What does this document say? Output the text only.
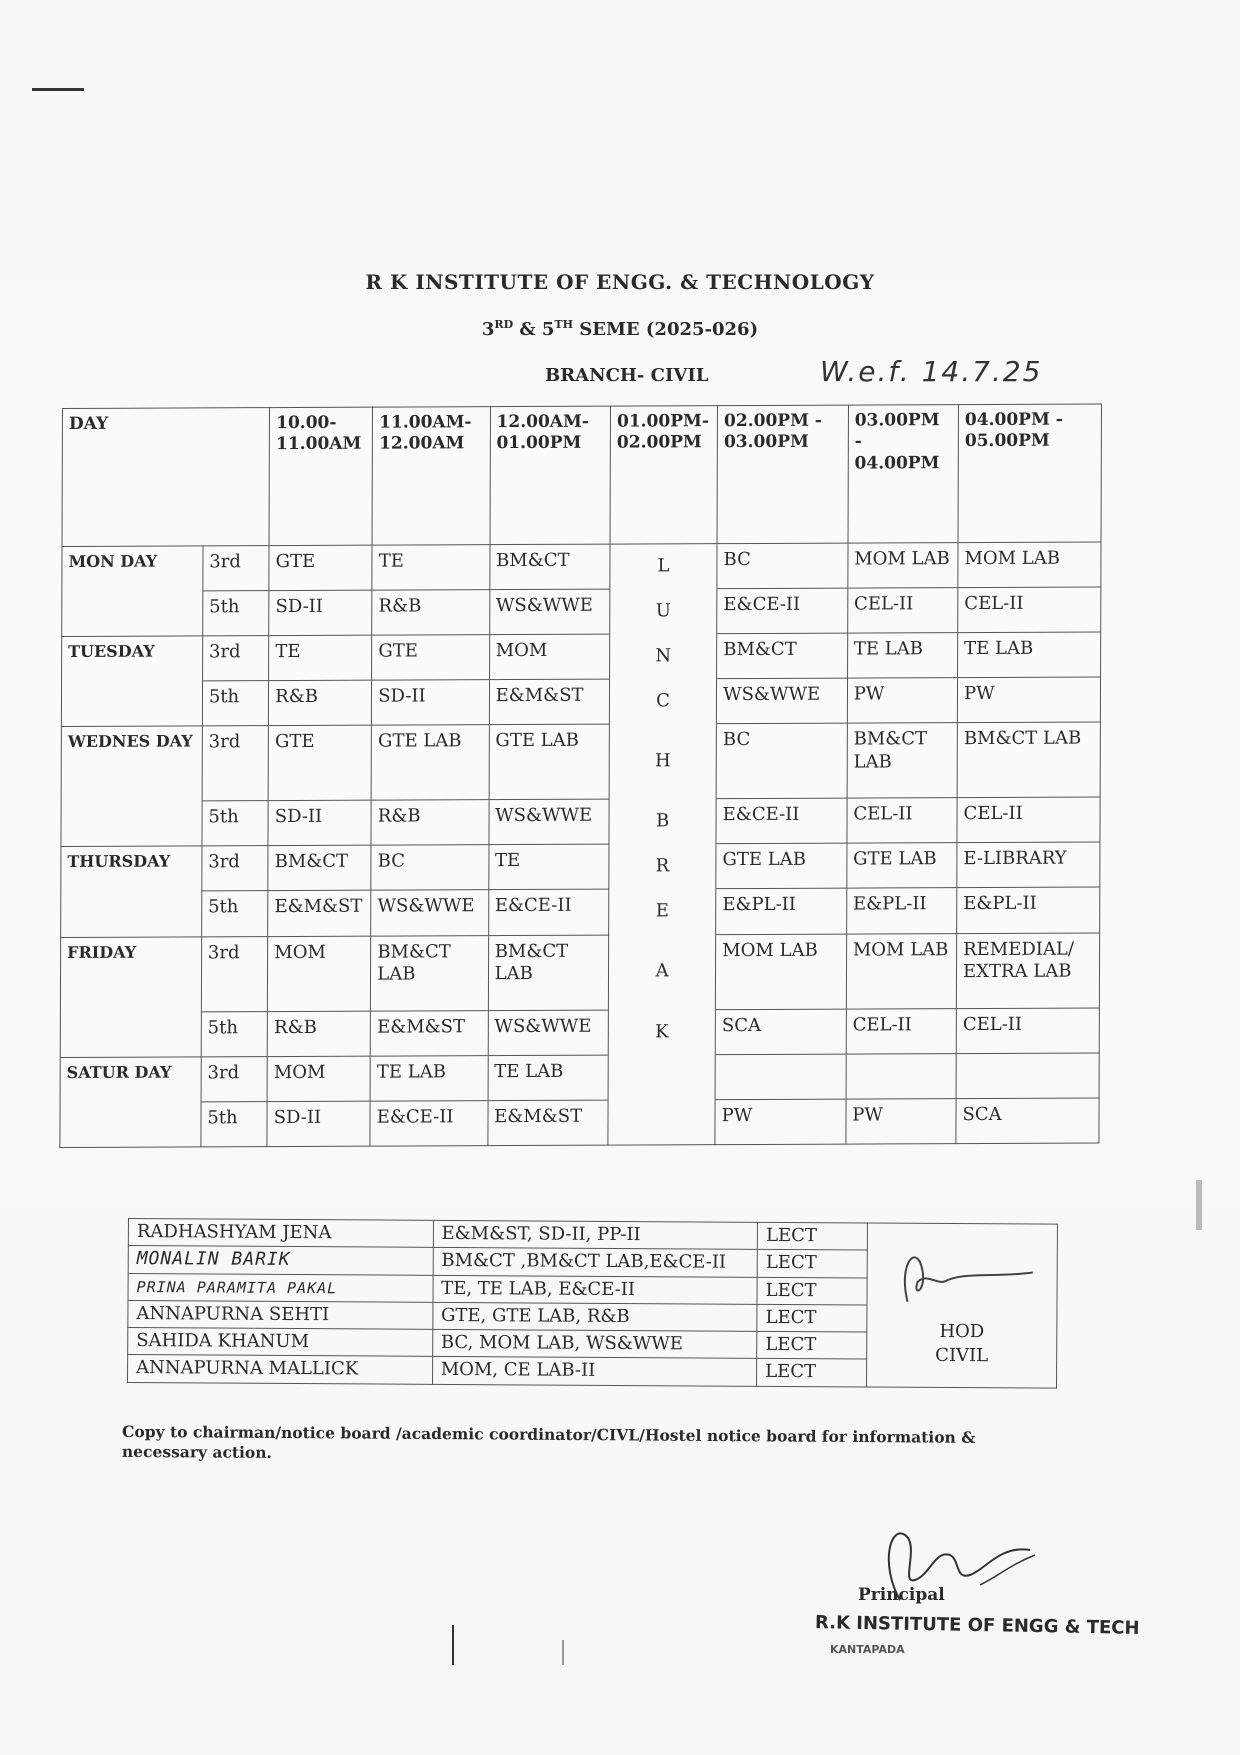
R K INSTITUTE OF ENGG. & TECHNOLOGY
3RD & 5TH SEME (2025-026)
BRANCH- CIVIL	W.e.f. 14.7.25
DAY		10.00-11.00AM	11.00AM-12.00AM	12.00AM-01.00PM	01.00PM-02.00PM	02.00PM - 03.00PM	03.00PM - 04.00PM	04.00PM - 05.00PM
MON DAY	3rd	GTE	TE	BM&CT	L	BC	MOM LAB	MOM LAB
	5th	SD-II	R&B	WS&WWE	U	E&CE-II	CEL-II	CEL-II
TUESDAY	3rd	TE	GTE	MOM	N	BM&CT	TE LAB	TE LAB
	5th	R&B	SD-II	E&M&ST	C	WS&WWE	PW	PW
WEDNES DAY	3rd	GTE	GTE LAB	GTE LAB	H	BC	BM&CT LAB	BM&CT LAB
	5th	SD-II	R&B	WS&WWE	B	E&CE-II	CEL-II	CEL-II
THURSDAY	3rd	BM&CT	BC	TE	R	GTE LAB	GTE LAB	E-LIBRARY
	5th	E&M&ST	WS&WWE	E&CE-II	E	E&PL-II	E&PL-II	E&PL-II
FRIDAY	3rd	MOM	BM&CT LAB	BM&CT LAB	A	MOM LAB	MOM LAB	REMEDIAL/ EXTRA LAB
	5th	R&B	E&M&ST	WS&WWE	K	SCA	CEL-II	CEL-II
SATUR DAY	3rd	MOM	TE LAB	TE LAB				
	5th	SD-II	E&CE-II	E&M&ST		PW	PW	SCA
RADHASHYAM JENA	E&M&ST, SD-II, PP-II	LECT	HOD
CIVIL

MONALIN BARIK	BM&CT ,BM&CT LAB,E&CE-II	LECT	
PRINA PARAMITA PAKAL	TE, TE LAB, E&CE-II	LECT	
ANNAPURNA SEHTI	GTE, GTE LAB, R&B	LECT	
SAHIDA KHANUM	BC, MOM LAB, WS&WWE	LECT	
ANNAPURNA MALLICK	MOM, CE LAB-II	LECT	
Copy to chairman/notice board /academic coordinator/CIVL/Hostel notice board for information & necessary action.
Principal
R.K INSTITUTE OF ENGG & TECH
KANTAPADA
